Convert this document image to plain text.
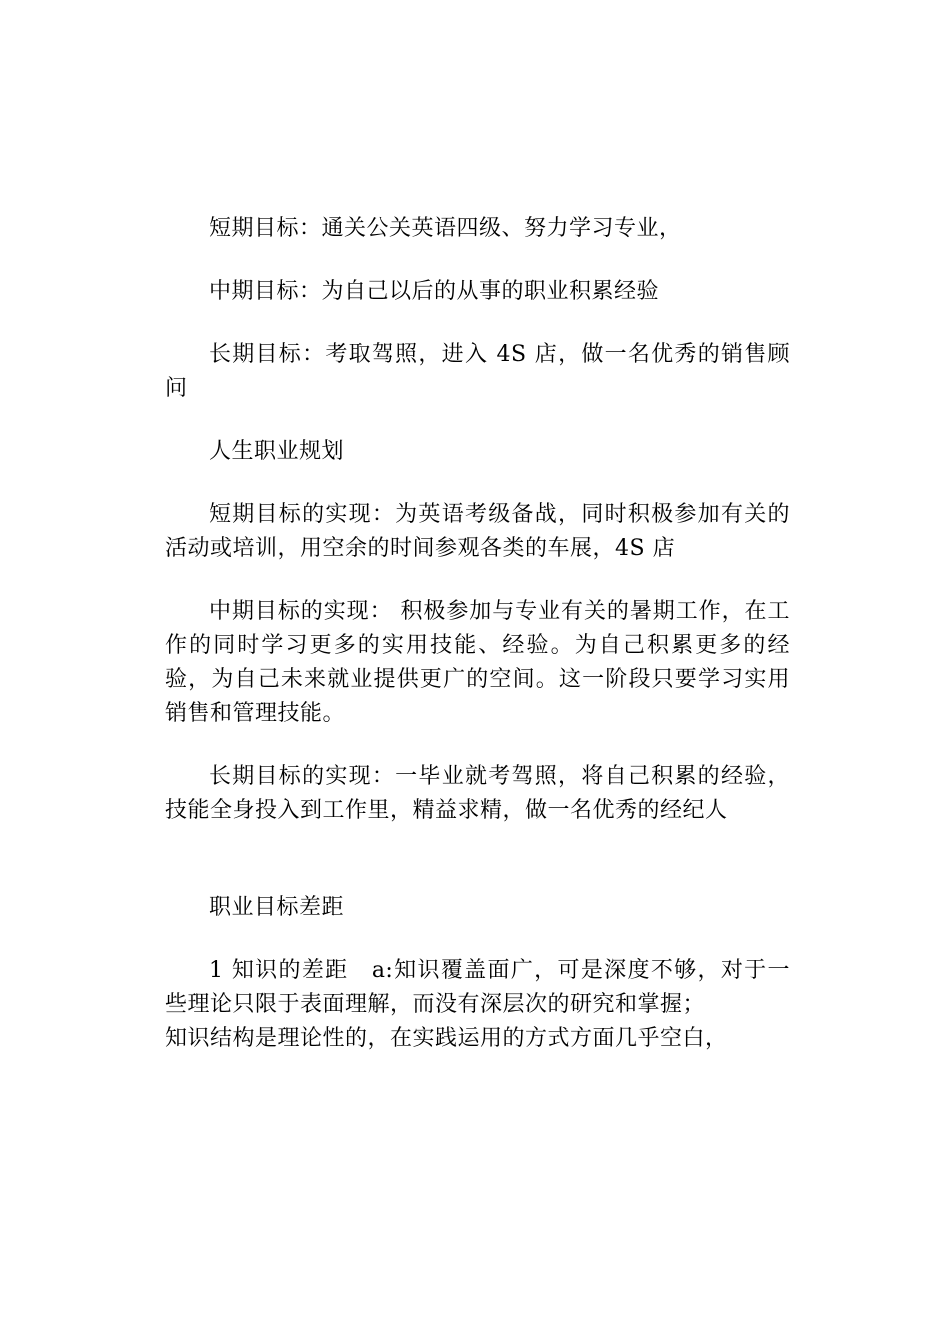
短期目标：通关公关英语四级、努力学习专业，

中期目标：为自己以后的从事的职业积累经验

长期目标：考取驾照，进入 4S 店，做一名优秀的销售顾问

人生职业规划

短期目标的实现：为英语考级备战，同时积极参加有关的活动或培训，用空余的时间参观各类的车展，4S 店

中期目标的实现： 积极参加与专业有关的暑期工作，在工作的同时学习更多的实用技能、经验。为自己积累更多的经验，为自己未来就业提供更广的空间。这一阶段只要学习实用销售和管理技能。

长期目标的实现：一毕业就考驾照，将自己积累的经验，技能全身投入到工作里，精益求精，做一名优秀的经纪人

职业目标差距

1 知识的差距　a:知识覆盖面广，可是深度不够，对于一些理论只限于表面理解，而没有深层次的研究和掌握；

知识结构是理论性的，在实践运用的方式方面几乎空白，
